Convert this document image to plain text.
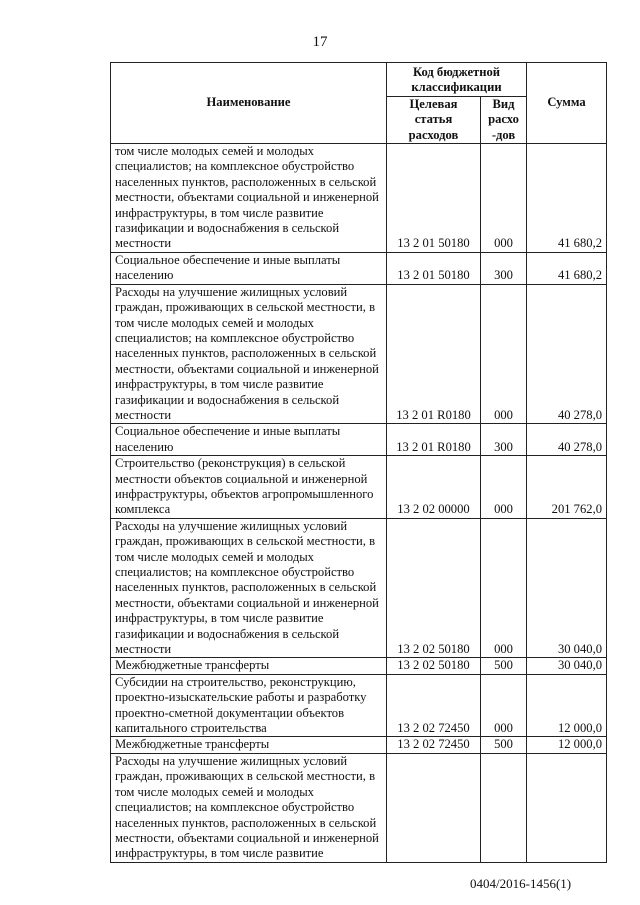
17
Наименование	Код бюджетной классификации		Сумма
	Целевая статья расходов	Вид расхо -дов	
том числе молодых семей и молодых специалистов; на комплексное обустройство населенных пунктов, расположенных в сельской местности, объектами социальной и инженерной инфраструктуры, в том числе развитие газификации и водоснабжения в сельской местности	13 2 01 50180	000	41 680,2
Социальное обеспечение и иные выплаты населению	13 2 01 50180	300	41 680,2
Расходы на улучшение жилищных условий граждан, проживающих в сельской местности, в том числе молодых семей и молодых специалистов; на комплексное обустройство населенных пунктов, расположенных в сельской местности, объектами социальной и инженерной инфраструктуры, в том числе развитие газификации и водоснабжения в сельской местности	13 2 01 R0180	000	40 278,0
Социальное обеспечение и иные выплаты населению	13 2 01 R0180	300	40 278,0
Строительство (реконструкция) в сельской местности объектов социальной и инженерной инфраструктуры, объектов агропромышленного комплекса	13 2 02 00000	000	201 762,0
Расходы на улучшение жилищных условий граждан, проживающих в сельской местности, в том числе молодых семей и молодых специалистов; на комплексное обустройство населенных пунктов, расположенных в сельской местности, объектами социальной и инженерной инфраструктуры, в том числе развитие газификации и водоснабжения в сельской местности	13 2 02 50180	000	30 040,0
Межбюджетные трансферты	13 2 02 50180	500	30 040,0
Субсидии на строительство, реконструкцию, проектно-изыскательские работы и разработку проектно-сметной документации объектов капитального строительства	13 2 02 72450	000	12 000,0
Межбюджетные трансферты	13 2 02 72450	500	12 000,0
Расходы на улучшение жилищных условий граждан, проживающих в сельской местности, в том числе молодых семей и молодых специалистов; на комплексное обустройство населенных пунктов, расположенных в сельской местности, объектами социальной и инженерной инфраструктуры, в том числе развитие			
0404/2016-1456(1)
